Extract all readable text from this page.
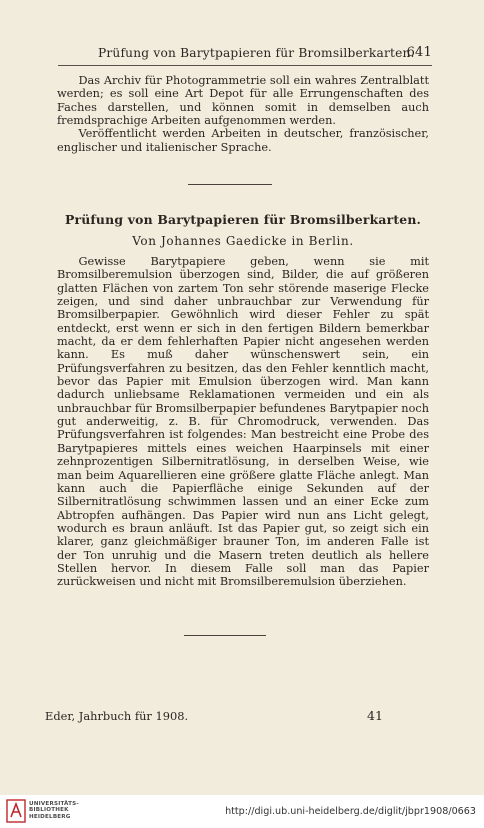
Prüfung von Barytpapieren für Bromsilberkarten.
641

Das Archiv für Photogrammetrie soll ein wahres Zentralblatt werden; es soll eine Art Depot für alle Errungenschaften des Faches darstellen, und können somit in demselben auch fremdsprachige Arbeiten aufgenommen werden.

Veröffentlicht werden Arbeiten in deutscher, französischer, englischer und italienischer Sprache.

Prüfung von Barytpapieren für Bromsilberkarten.
Von Johannes Gaedicke in Berlin.

Gewisse Barytpapiere geben, wenn sie mit Bromsilberemulsion überzogen sind, Bilder, die auf größeren glatten Flächen von zartem Ton sehr störende maserige Flecke zeigen, und sind daher unbrauchbar zur Verwendung für Bromsilberpapier. Gewöhnlich wird dieser Fehler zu spät entdeckt, erst wenn er sich in den fertigen Bildern bemerkbar macht, da er dem fehlerhaften Papier nicht angesehen werden kann. Es muß daher wünschenswert sein, ein Prüfungsverfahren zu besitzen, das den Fehler kenntlich macht, bevor das Papier mit Emulsion überzogen wird. Man kann dadurch unliebsame Reklamationen vermeiden und ein als unbrauchbar für Bromsilberpapier befundenes Barytpapier noch gut anderweitig, z. B. für Chromodruck, verwenden. Das Prüfungsverfahren ist folgendes: Man bestreicht eine Probe des Barytpapieres mittels eines weichen Haarpinsels mit einer zehnprozentigen Silbernitratlösung, in derselben Weise, wie man beim Aquarellieren eine größere glatte Fläche anlegt. Man kann auch die Papierfläche einige Sekunden auf der Silbernitratlösung schwimmen lassen und an einer Ecke zum Abtropfen aufhängen. Das Papier wird nun ans Licht gelegt, wodurch es braun anläuft. Ist das Papier gut, so zeigt sich ein klarer, ganz gleichmäßiger brauner Ton, im anderen Falle ist der Ton unruhig und die Masern treten deutlich als hellere Stellen hervor. In diesem Falle soll man das Papier zurückweisen und nicht mit Bromsilberemulsion überziehen.

Eder, Jahrbuch für 1908.	41
UNIVERSITÄTS-
BIBLIOTHEK
HEIDELBERG	http://digi.ub.uni-heidelberg.de/diglit/jbpr1908/0663
